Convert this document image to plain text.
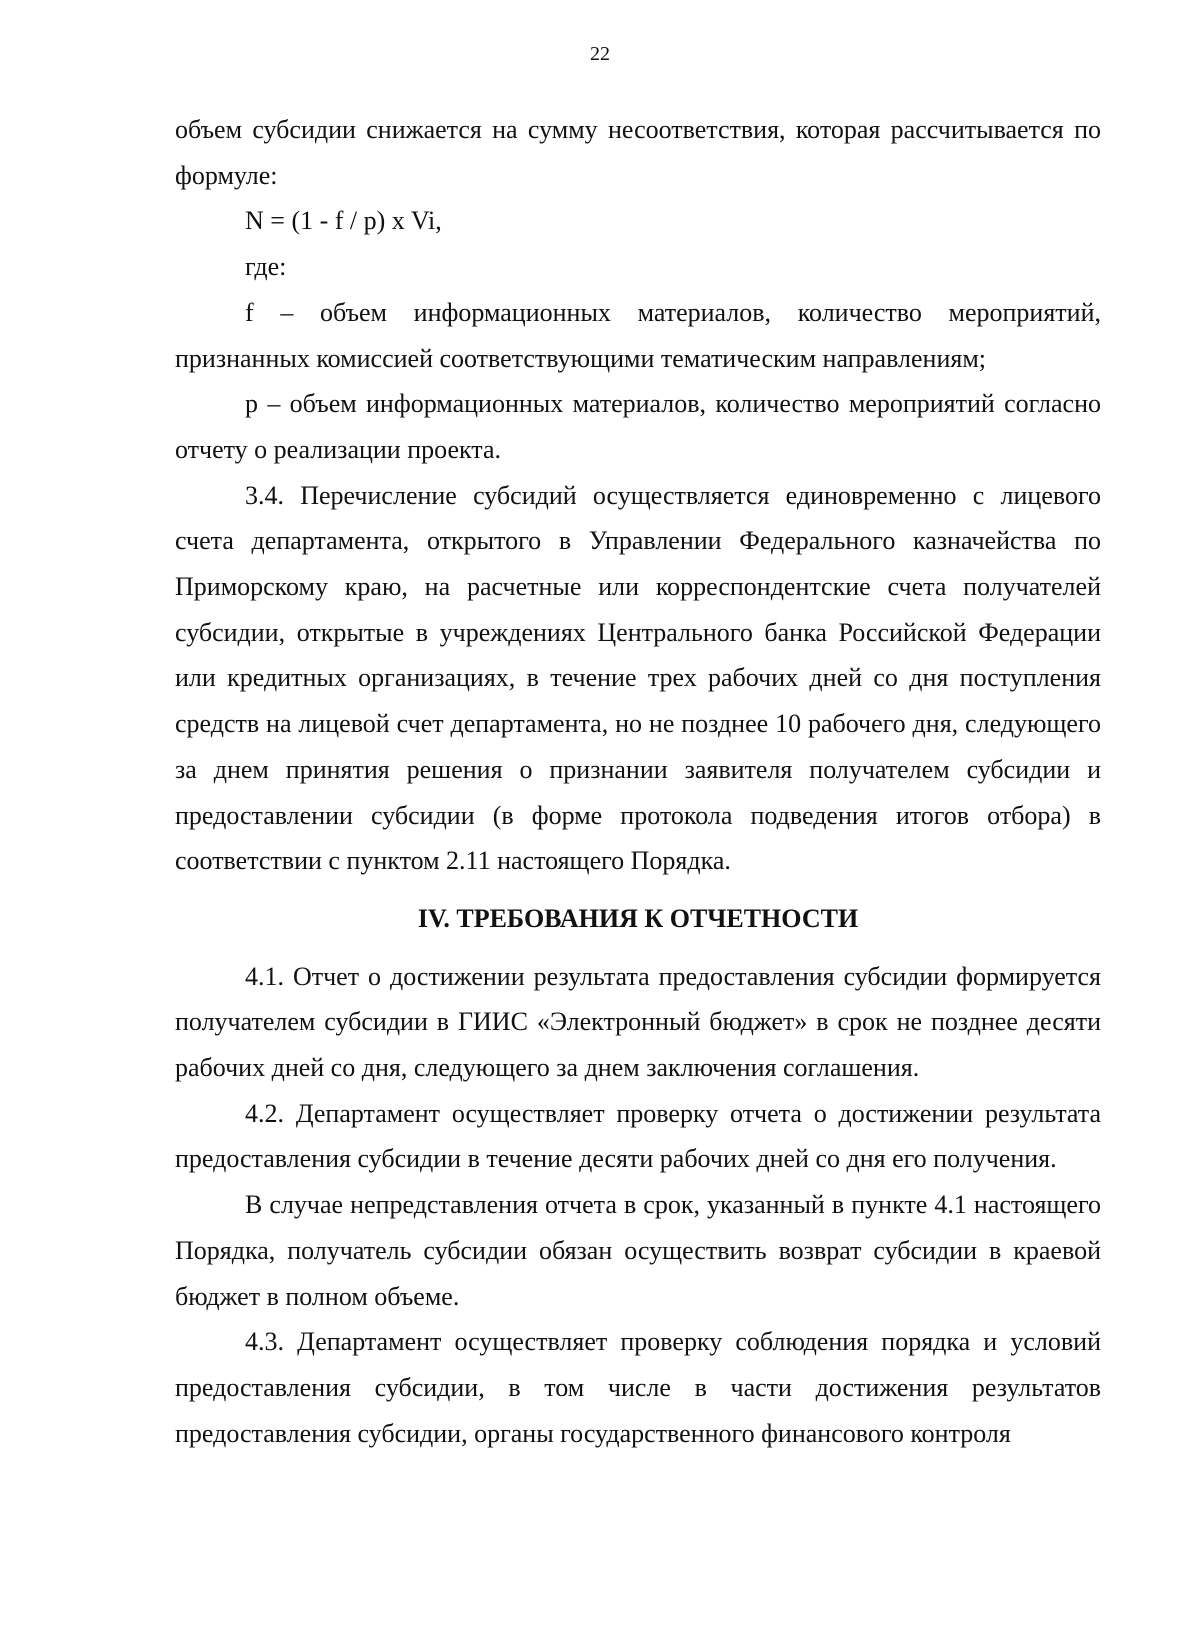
22

объем субсидии снижается на сумму несоответствия, которая рассчитывается по формуле:

N = (1 - f / p) x Vi,

где:

f – объем информационных материалов, количество мероприятий, признанных комиссией соответствующими тематическим направлениям;

p – объем информационных материалов, количество мероприятий согласно отчету о реализации проекта.

3.4. Перечисление субсидий осуществляется единовременно с лицевого счета департамента, открытого в Управлении Федерального казначейства по Приморскому краю, на расчетные или корреспондентские счета получателей субсидии, открытые в учреждениях Центрального банка Российской Федерации или кредитных организациях, в течение трех рабочих дней со дня поступления средств на лицевой счет департамента, но не позднее 10 рабочего дня, следующего за днем принятия решения о признании заявителя получателем субсидии и предоставлении субсидии (в форме протокола подведения итогов отбора) в соответствии с пунктом 2.11 настоящего Порядка.

IV. ТРЕБОВАНИЯ К ОТЧЕТНОСТИ

4.1. Отчет о достижении результата предоставления субсидии формируется получателем субсидии в ГИИС «Электронный бюджет» в срок не позднее десяти рабочих дней со дня, следующего за днем заключения соглашения.

4.2. Департамент осуществляет проверку отчета о достижении результата предоставления субсидии в течение десяти рабочих дней со дня его получения.

В случае непредставления отчета в срок, указанный в пункте 4.1 настоящего Порядка, получатель субсидии обязан осуществить возврат субсидии в краевой бюджет в полном объеме.

4.3. Департамент осуществляет проверку соблюдения порядка и условий предоставления субсидии, в том числе в части достижения результатов предоставления субсидии, органы государственного финансового контроля
